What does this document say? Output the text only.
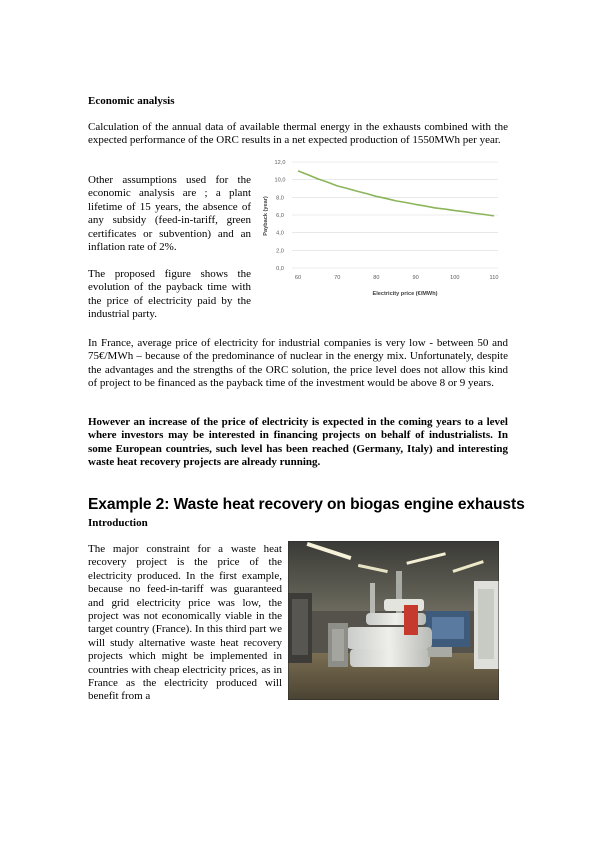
Economic analysis

Calculation of the annual data of available thermal energy in the exhausts combined with the expected performance of the ORC results in a net expected production of 1550MWh per year.

Other assumptions used for the economic analysis are ; a plant lifetime of 15 years, the absence of any subsidy (feed-in-tariff, green certificates or subvention) and an inflation rate of 2%.

The proposed figure shows the evolution of the payback time with the price of electricity paid by the industrial party.

0,0
2,0
4,0
6,0
8,0
10,0
12,0
60	70	80	90	100	110
Electricity price (€/MWh)
Payback (year)

In France, average price of electricity for industrial companies is very low - between 50 and 75€/MWh – because of the predominance of nuclear in the energy mix. Unfortunately, despite the advantages and the strengths of the ORC solution, the price level does not allow this kind of project to be financed as the payback time of the investment would be above 8 or 9 years.

However an increase of the price of electricity is expected in the coming years to a level where investors may be interested in financing projects on behalf of industrialists. In some European countries, such level has been reached (Germany, Italy) and interesting waste heat recovery projects are already running.

Example 2: Waste heat recovery on biogas engine exhausts

Introduction

The major constraint for a waste heat recovery project is the price of the electricity produced. In the first example, because no feed-in-tariff was guaranteed and grid electricity price was low, the project was not economically viable in the target country (France). In this third part we will study alternative waste heat recovery projects which might be implemented in countries with cheap electricity prices, as in France as the electricity produced will benefit from a
